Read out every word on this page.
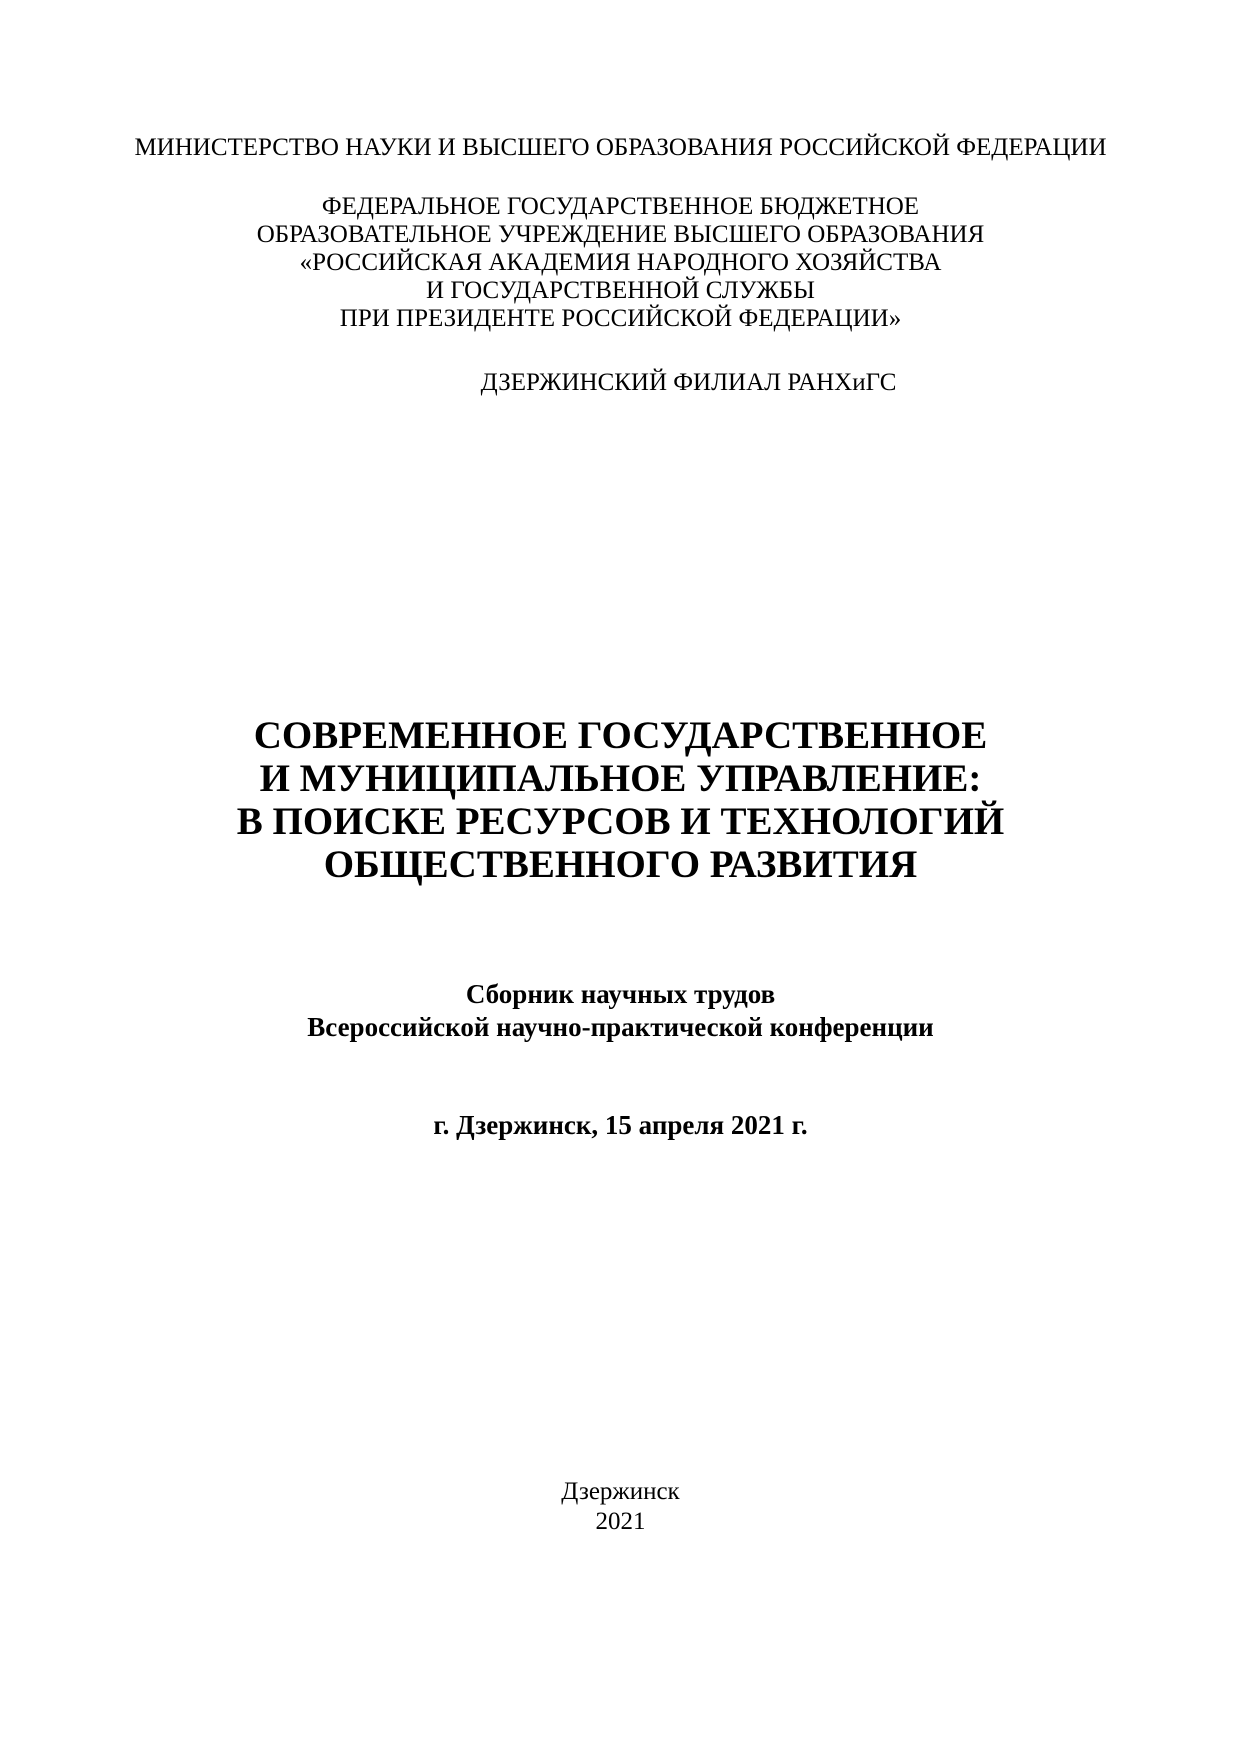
МИНИСТЕРСТВО НАУКИ И ВЫСШЕГО ОБРАЗОВАНИЯ РОССИЙСКОЙ ФЕДЕРАЦИИ
ФЕДЕРАЛЬНОЕ ГОСУДАРСТВЕННОЕ БЮДЖЕТНОЕ
ОБРАЗОВАТЕЛЬНОЕ УЧРЕЖДЕНИЕ ВЫСШЕГО ОБРАЗОВАНИЯ
«РОССИЙСКАЯ АКАДЕМИЯ НАРОДНОГО ХОЗЯЙСТВА
И ГОСУДАРСТВЕННОЙ СЛУЖБЫ
ПРИ ПРЕЗИДЕНТЕ РОССИЙСКОЙ ФЕДЕРАЦИИ»
ДЗЕРЖИНСКИЙ ФИЛИАЛ РАНХиГС
СОВРЕМЕННОЕ ГОСУДАРСТВЕННОЕ
И МУНИЦИПАЛЬНОЕ УПРАВЛЕНИЕ:
В ПОИСКЕ РЕСУРСОВ И ТЕХНОЛОГИЙ
ОБЩЕСТВЕННОГО РАЗВИТИЯ
Сборник научных трудов
Всероссийской научно-практической конференции
г. Дзержинск, 15 апреля 2021 г.
Дзержинск
2021
